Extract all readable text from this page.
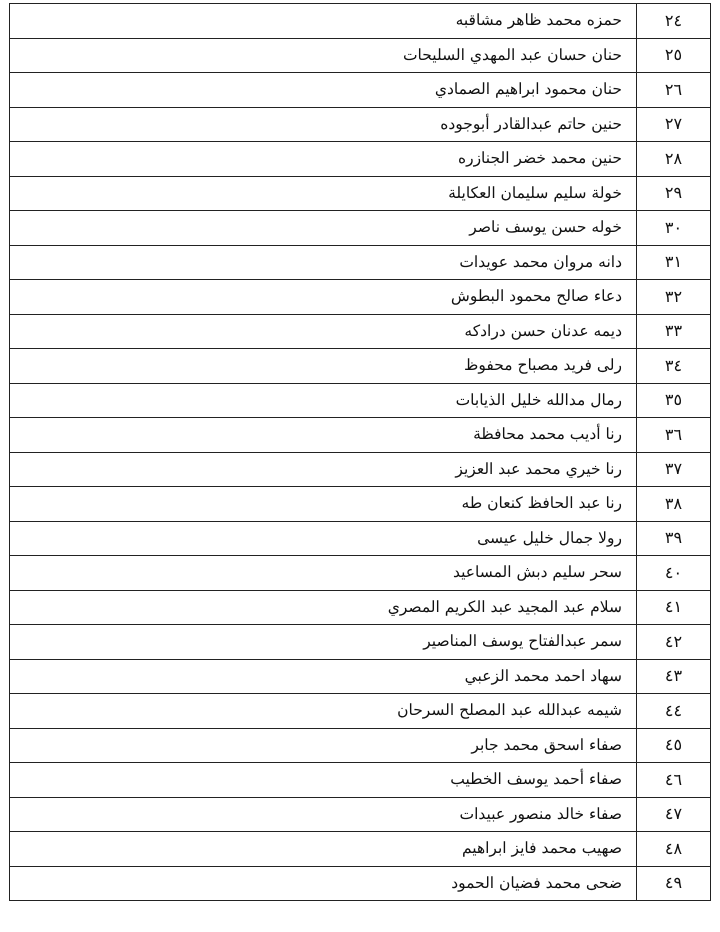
٢٤	حمزه محمد ظاهر مشاقبه
٢٥	حنان حسان عبد المهدي السليحات
٢٦	حنان محمود ابراهيم الصمادي
٢٧	حنين حاتم عبدالقادر أبوجوده
٢٨	حنين محمد خضر الجنازره
٢٩	خولة سليم سليمان العكايلة
٣٠	خوله حسن يوسف ناصر
٣١	دانه مروان محمد عويدات
٣٢	دعاء صالح محمود البطوش
٣٣	ديمه عدنان حسن درادكه
٣٤	رلى فريد مصباح محفوظ
٣٥	رمال مدالله خليل الذيابات
٣٦	رنا أديب محمد محافظة
٣٧	رنا خيري محمد عبد العزيز
٣٨	رنا عبد الحافظ كنعان طه
٣٩	رولا جمال خليل عيسى
٤٠	سحر سليم دبش المساعيد
٤١	سلام عبد المجيد عبد الكريم المصري
٤٢	سمر عبدالفتاح يوسف المناصير
٤٣	سهاد احمد محمد الزعبي
٤٤	شيمه عبدالله عبد المصلح السرحان
٤٥	صفاء اسحق محمد جابر
٤٦	صفاء أحمد يوسف الخطيب
٤٧	صفاء خالد منصور عبيدات
٤٨	صهيب محمد فايز ابراهيم
٤٩	ضحى محمد فضيان الحمود
